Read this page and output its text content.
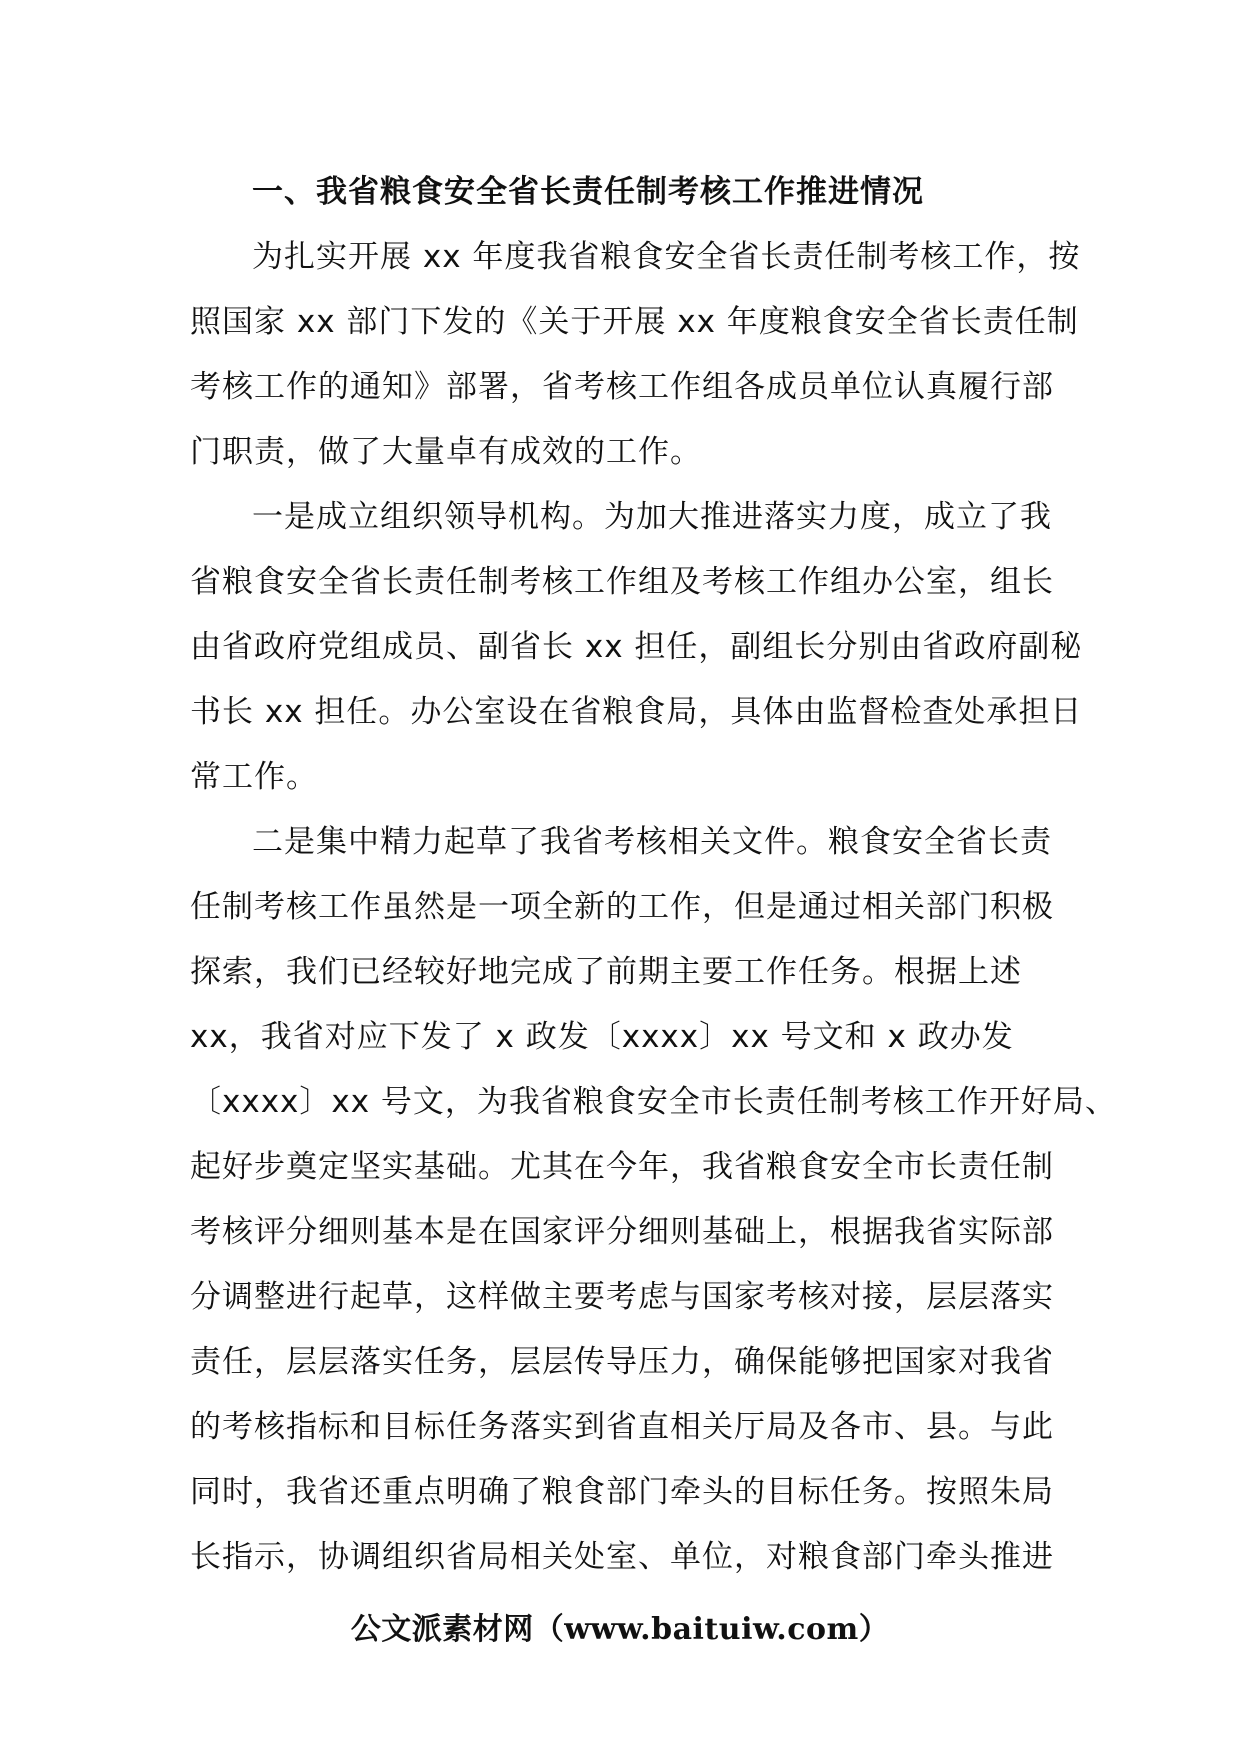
一、我省粮食安全省长责任制考核工作推进情况
为扎实开展 xx 年度我省粮食安全省长责任制考核工作，按
照国家 xx 部门下发的《关于开展 xx 年度粮食安全省长责任制
考核工作的通知》部署，省考核工作组各成员单位认真履行部
门职责，做了大量卓有成效的工作。
一是成立组织领导机构。为加大推进落实力度，成立了我
省粮食安全省长责任制考核工作组及考核工作组办公室，组长
由省政府党组成员、副省长 xx 担任，副组长分别由省政府副秘
书长 xx 担任。办公室设在省粮食局，具体由监督检查处承担日
常工作。
二是集中精力起草了我省考核相关文件。粮食安全省长责
任制考核工作虽然是一项全新的工作，但是通过相关部门积极
探索，我们已经较好地完成了前期主要工作任务。根据上述
xx，我省对应下发了 x 政发〔xxxx〕xx 号文和 x 政办发
〔xxxx〕xx 号文，为我省粮食安全市长责任制考核工作开好局、
起好步奠定坚实基础。尤其在今年，我省粮食安全市长责任制
考核评分细则基本是在国家评分细则基础上，根据我省实际部
分调整进行起草，这样做主要考虑与国家考核对接，层层落实
责任，层层落实任务，层层传导压力，确保能够把国家对我省
的考核指标和目标任务落实到省直相关厅局及各市、县。与此
同时，我省还重点明确了粮食部门牵头的目标任务。按照朱局
长指示，协调组织省局相关处室、单位，对粮食部门牵头推进
公文派素材网（www.baituiw.com）
